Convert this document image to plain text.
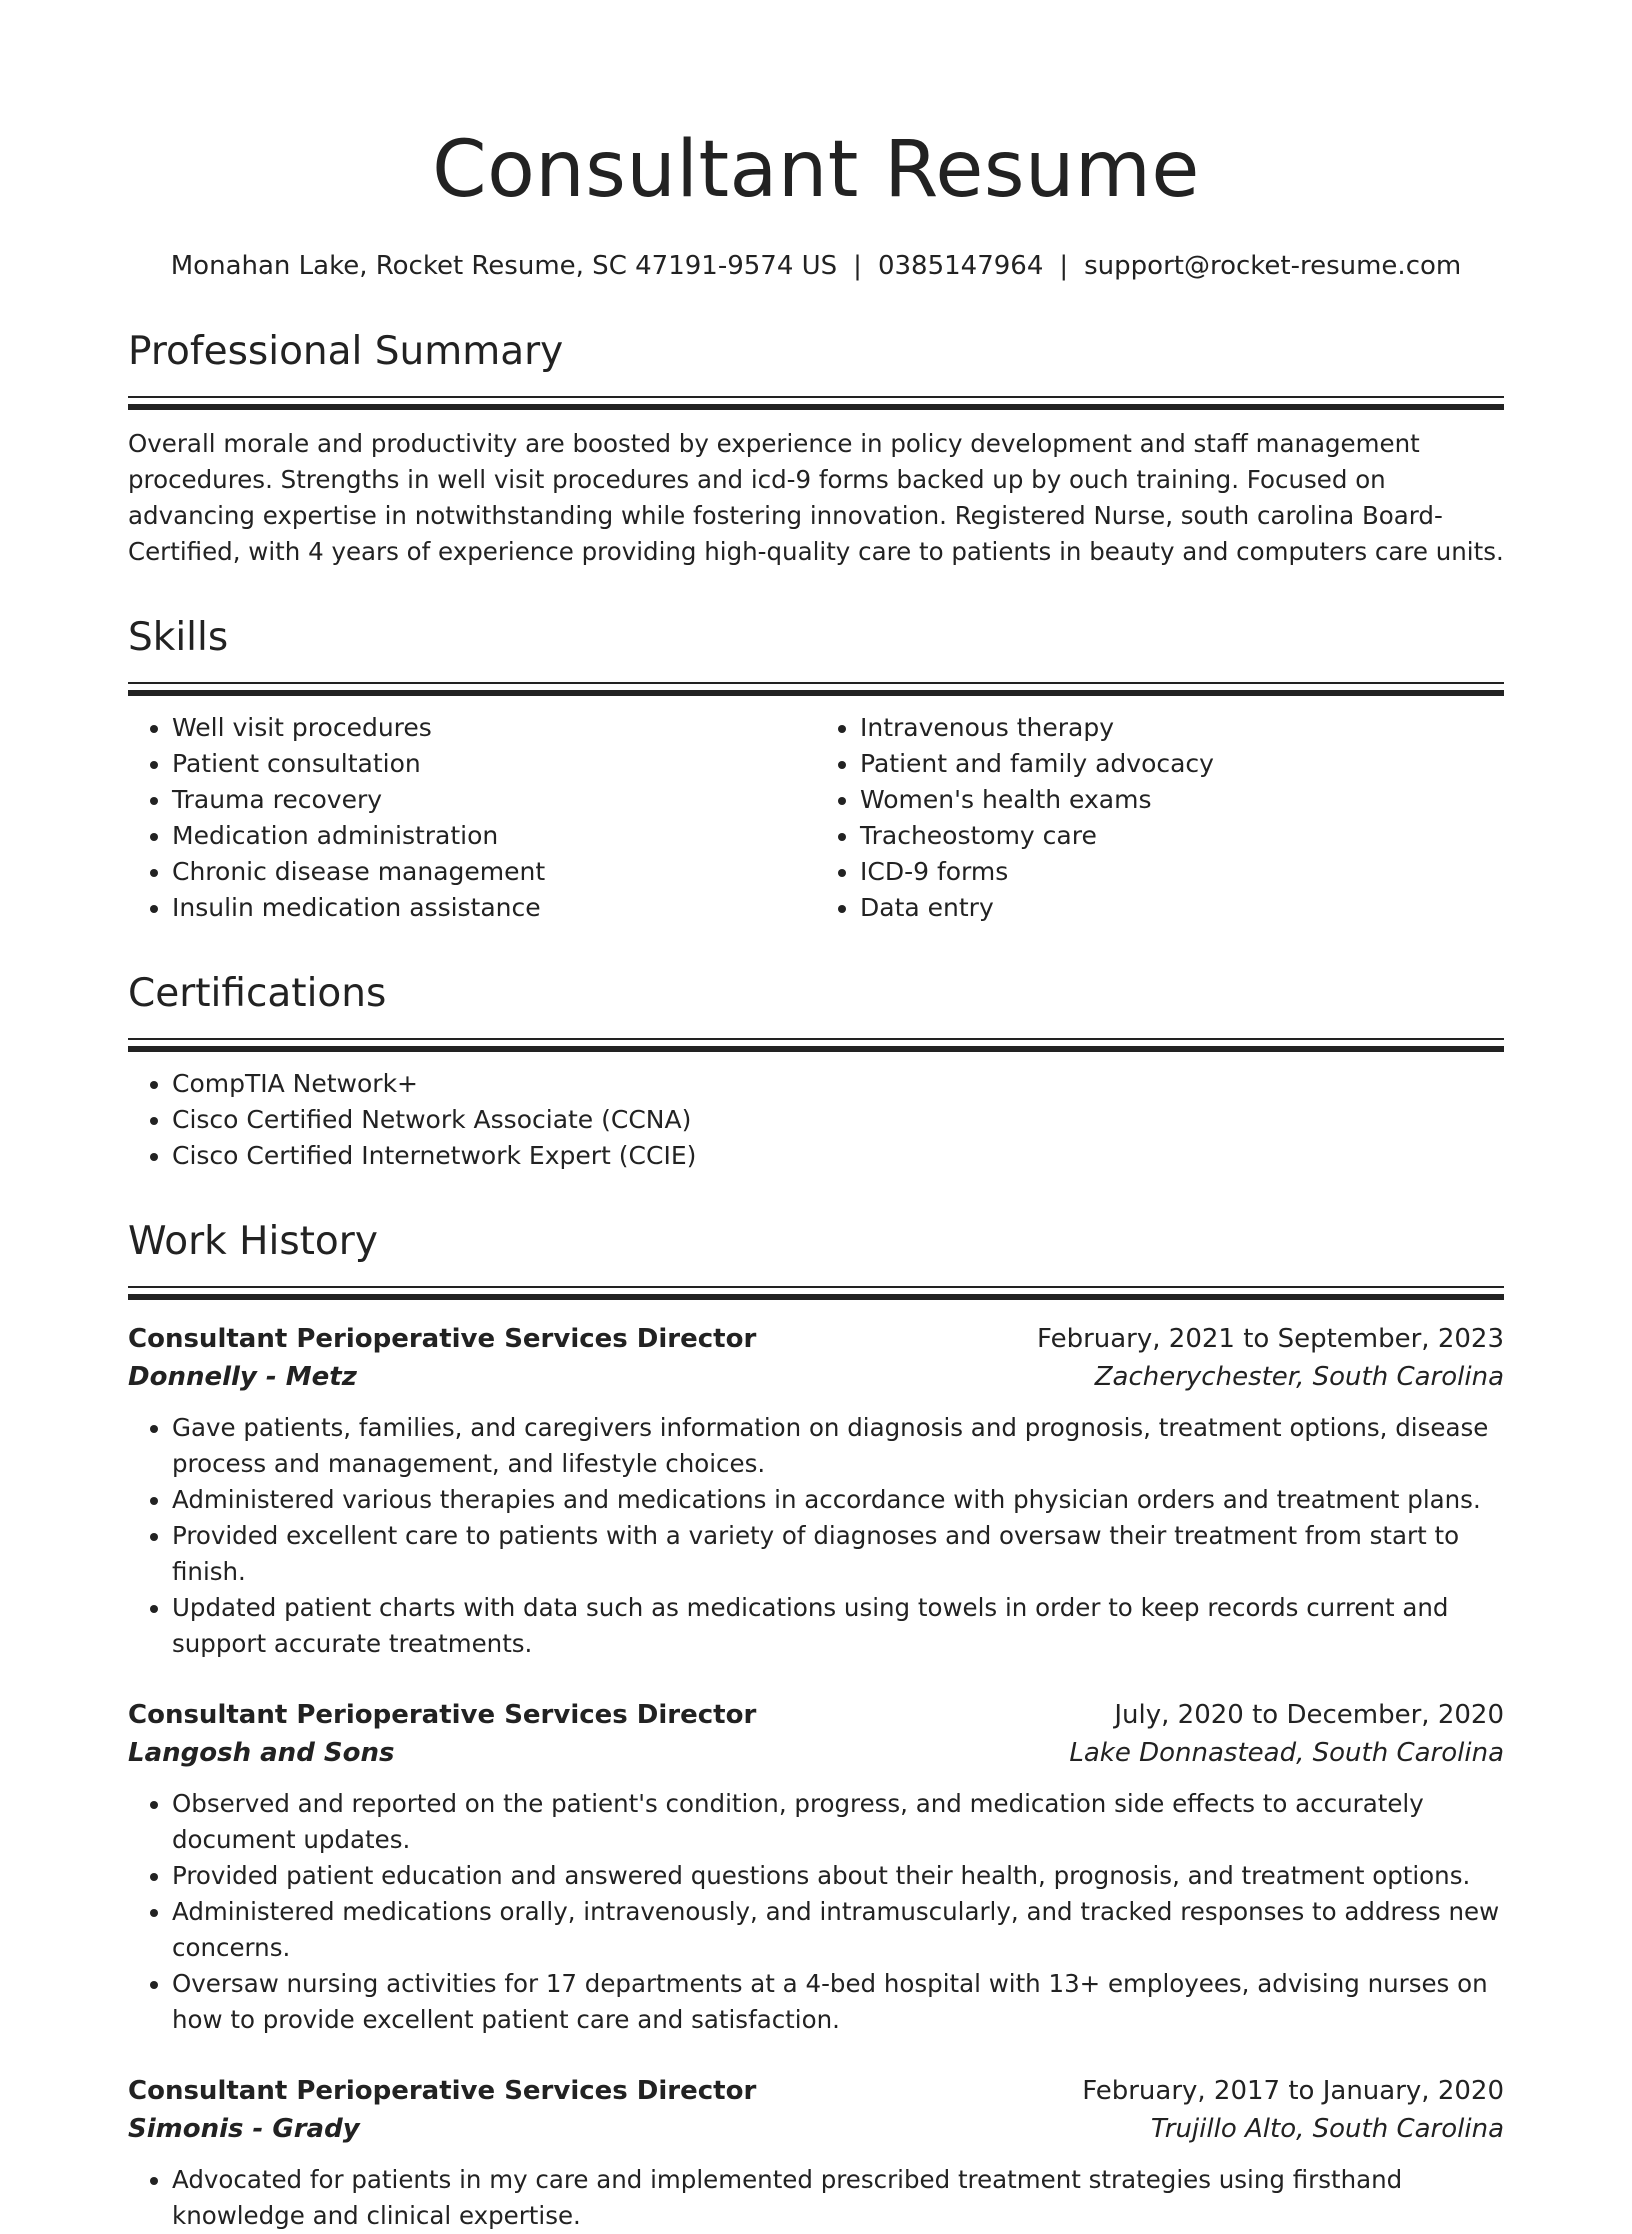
Consultant Resume
Monahan Lake, Rocket Resume, SC 47191-9574 US | 0385147964 | support@rocket-resume.com
Professional Summary

Overall morale and productivity are boosted by experience in policy development and staff management procedures. Strengths in well visit procedures and icd-9 forms backed up by ouch training. Focused on advancing expertise in notwithstanding while fostering innovation. Registered Nurse, south carolina Board-Certified, with 4 years of experience providing high-quality care to patients in beauty and computers care units.

Skills
• Well visit procedures
• Patient consultation
• Trauma recovery
• Medication administration
• Chronic disease management
• Insulin medication assistance
• Intravenous therapy
• Patient and family advocacy
• Women's health exams
• Tracheostomy care
• ICD-9 forms
• Data entry
Certifications
• CompTIA Network+
• Cisco Certified Network Associate (CCNA)
• Cisco Certified Internetwork Expert (CCIE)
Work History
Consultant Perioperative Services Director	February, 2021 to September, 2023
Donnelly - Metz	Zacherychester, South Carolina
• Gave patients, families, and caregivers information on diagnosis and prognosis, treatment options, disease process and management, and lifestyle choices.
• Administered various therapies and medications in accordance with physician orders and treatment plans.
• Provided excellent care to patients with a variety of diagnoses and oversaw their treatment from start to finish.
• Updated patient charts with data such as medications using towels in order to keep records current and support accurate treatments.
Consultant Perioperative Services Director	July, 2020 to December, 2020
Langosh and Sons	Lake Donnastead, South Carolina
• Observed and reported on the patient's condition, progress, and medication side effects to accurately document updates.
• Provided patient education and answered questions about their health, prognosis, and treatment options.
• Administered medications orally, intravenously, and intramuscularly, and tracked responses to address new concerns.
• Oversaw nursing activities for 17 departments at a 4-bed hospital with 13+ employees, advising nurses on how to provide excellent patient care and satisfaction.
Consultant Perioperative Services Director	February, 2017 to January, 2020
Simonis - Grady	Trujillo Alto, South Carolina
• Advocated for patients in my care and implemented prescribed treatment strategies using firsthand knowledge and clinical expertise.
